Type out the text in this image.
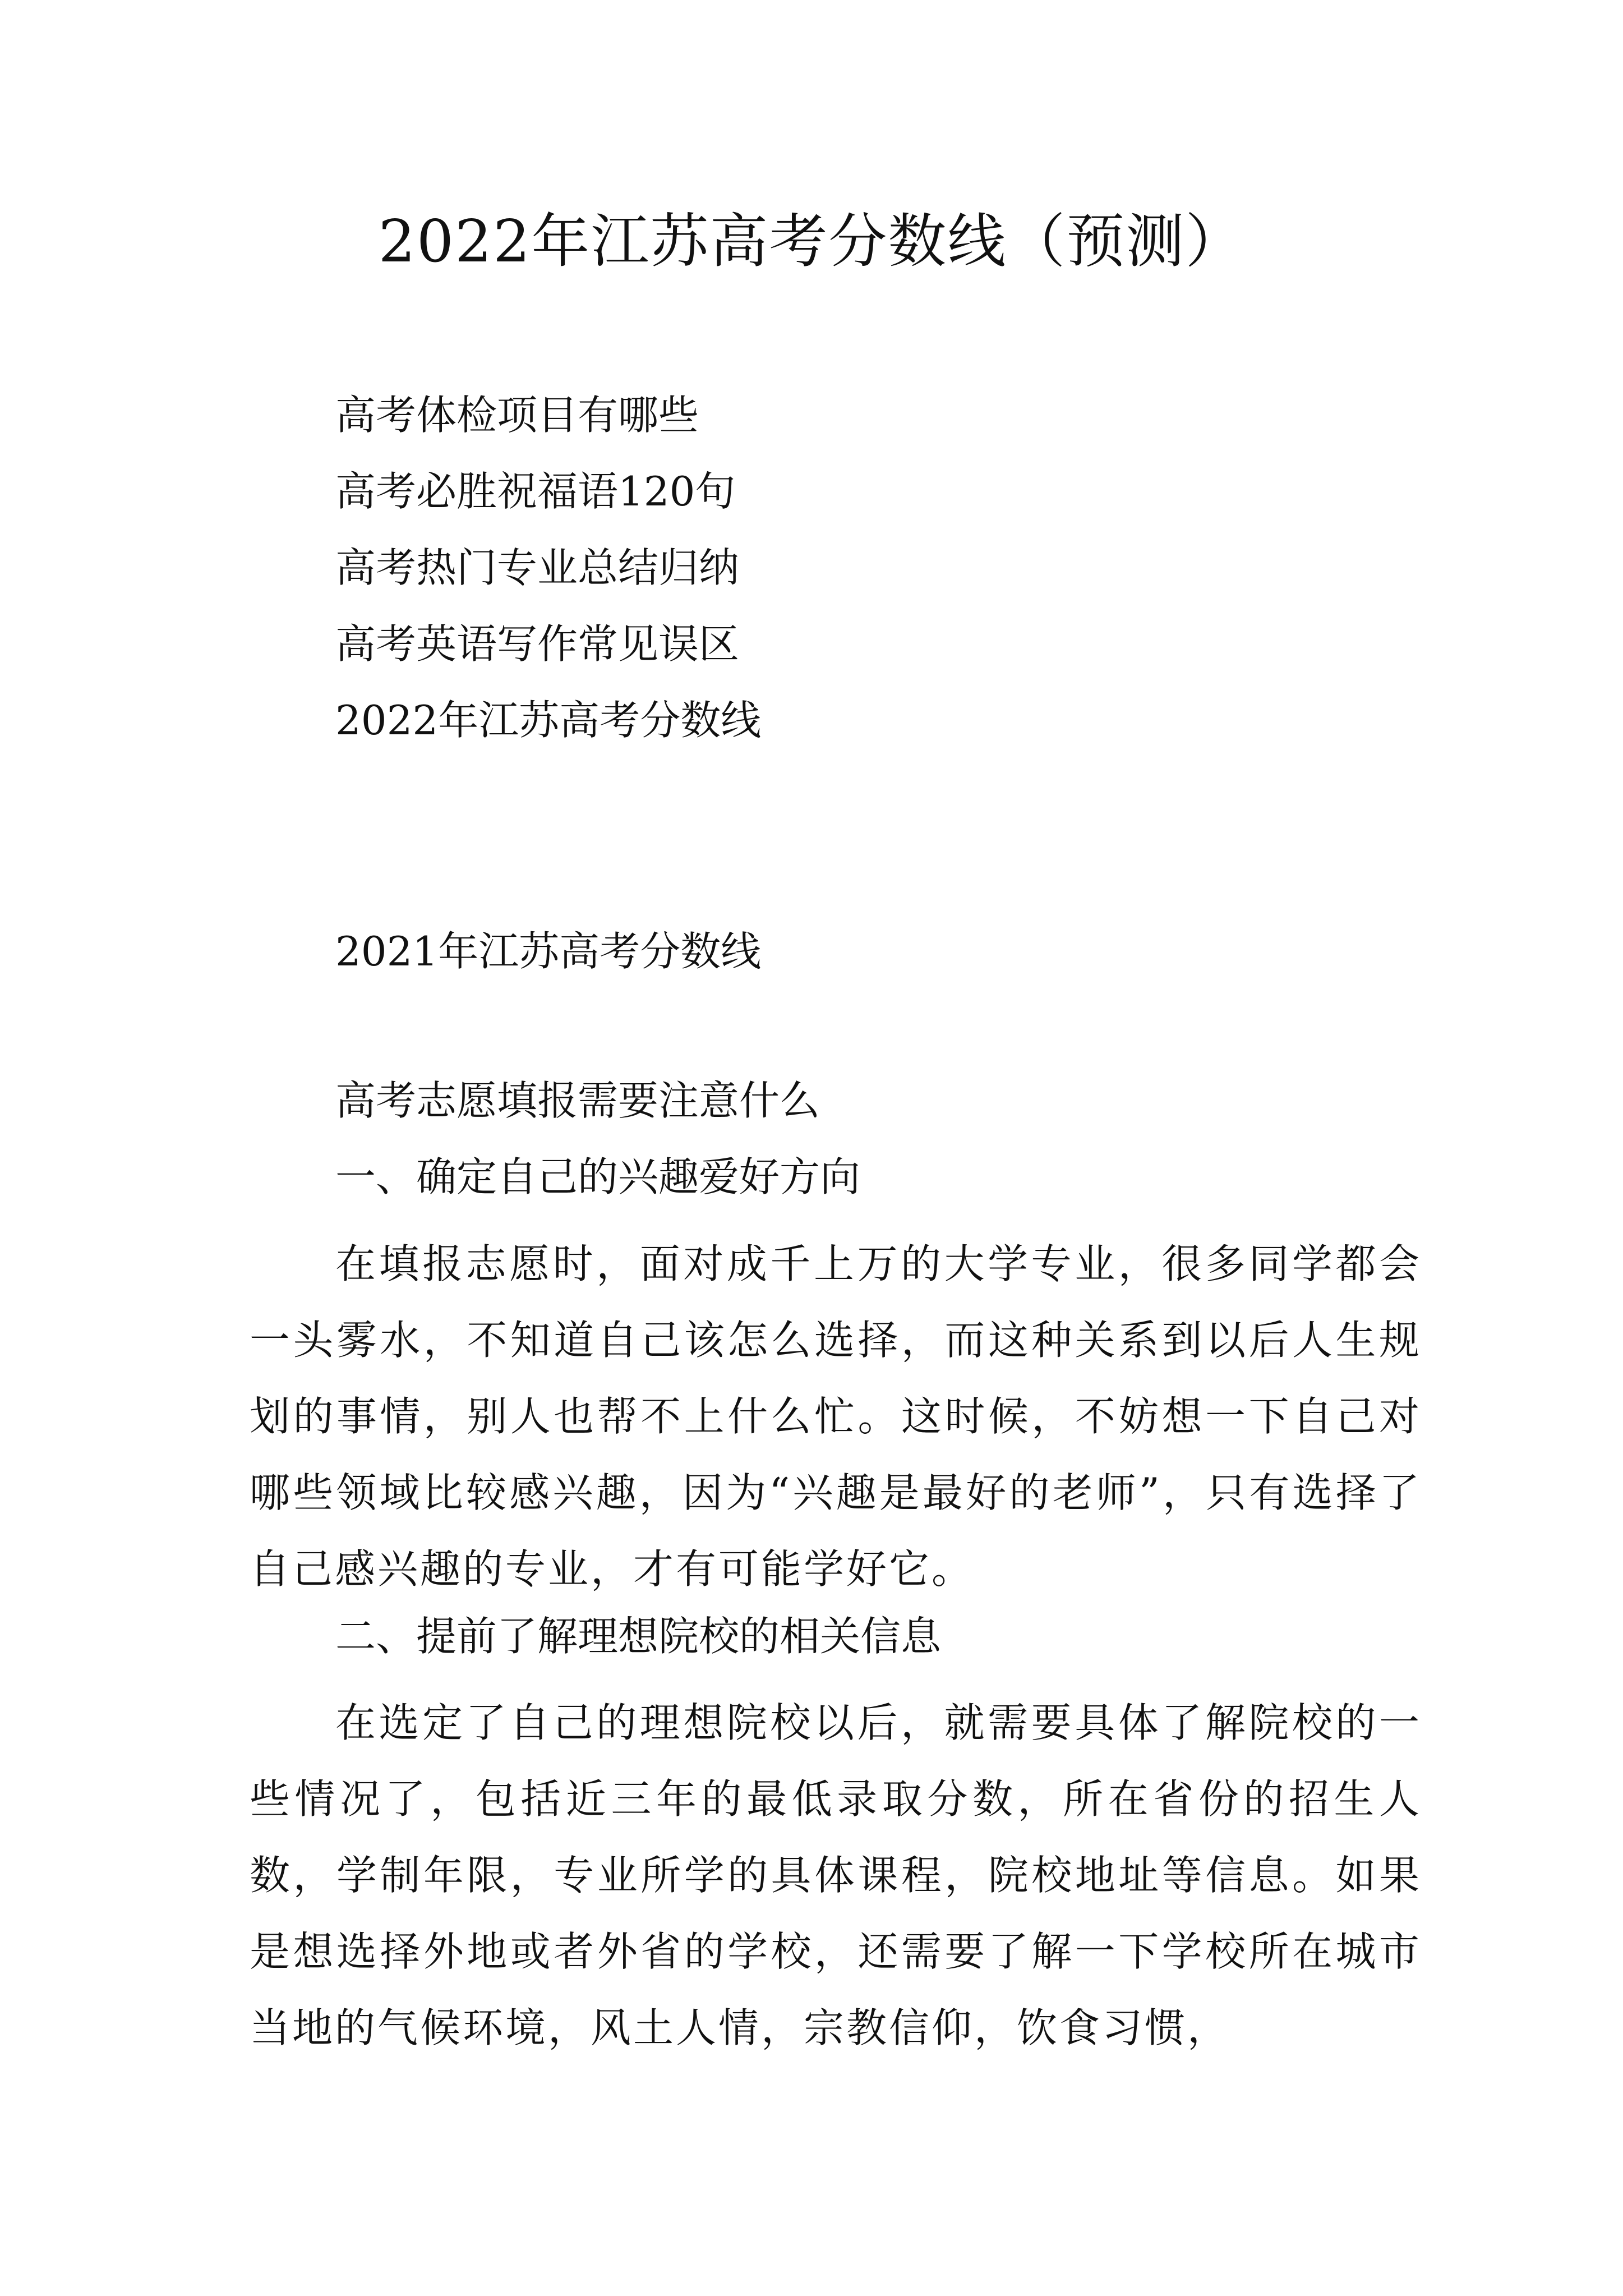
2022年江苏高考分数线（预测）
高考体检项目有哪些
高考必胜祝福语120句
高考热门专业总结归纳
高考英语写作常见误区
2022年江苏高考分数线
2021年江苏高考分数线
高考志愿填报需要注意什么
一、确定自己的兴趣爱好方向
在填报志愿时，面对成千上万的大学专业，很多同学都会一头雾水，不知道自己该怎么选择，而这种关系到以后人生规划的事情，别人也帮不上什么忙。这时候，不妨想一下自己对哪些领域比较感兴趣，因为“兴趣是最好的老师”，只有选择了自己感兴趣的专业，才有可能学好它。
二、提前了解理想院校的相关信息
在选定了自己的理想院校以后，就需要具体了解院校的一些情况了，包括近三年的最低录取分数，所在省份的招生人数，学制年限，专业所学的具体课程，院校地址等信息。如果是想选择外地或者外省的学校，还需要了解一下学校所在城市当地的气候环境，风土人情，宗教信仰，饮食习惯，
